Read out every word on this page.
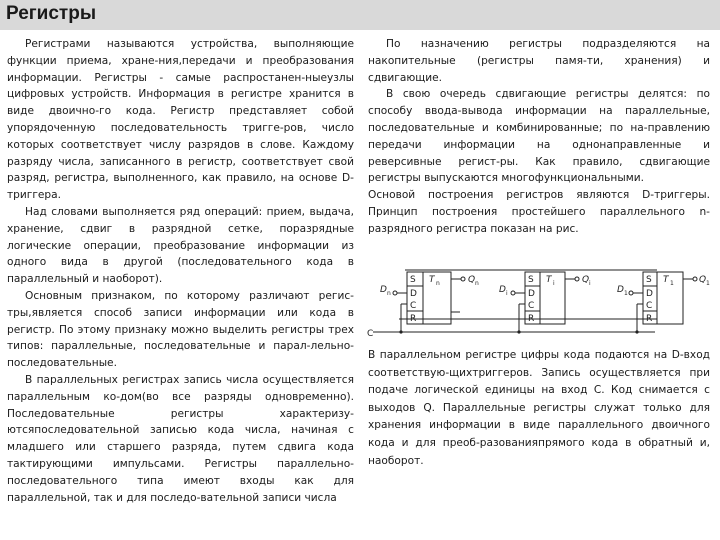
Регистры

Регистрами называются устройства, выполняющие функции приема, хране-ния,передачи и преобразования информации. Регистры - самые распростанен-ныеузлы цифровых устройств. Информация в регистре хранится в виде двоично-го кода. Регистр представляет собой упорядоченную последовательность тригге-ров, число которых соответствует числу разрядов в слове. Каждому разряду числа, записанного в регистр, соответствует свой разряд, регистра, выполненного, как правило, на основе D-триггера.

Над словами выполняется ряд операций: прием, выдача, хранение, сдвиг в разрядной сетке, поразрядные логические операции, преобразование информации из одного вида в другой (последовательного кода в параллельный и наоборот).

Основным признаком, по которому различают регис-тры,является способ записи информации или кода в регистр. По этому признаку можно выделить регистры трех типов: параллельные, последовательные и парал-лельно-последовательные.

В параллельных регистрах запись числа осуществляется параллельным ко-дом(во все разряды одновременно). Последовательные регистры характеризу-ютсяпоследовательной записью кода числа, начиная с младшего или старшего разряда, путем сдвига кода тактирующими импульсами. Регистры параллельно-последовательного типа имеют входы как для параллельной, так и для последо-вательной записи числа

По назначению регистры подразделяются на накопительные (регистры памя-ти, хранения) и сдвигающие.

В свою очередь сдвигающие регистры делятся: по способу ввода-вывода информации на параллельные, последовательные и комбинированные; по на-правлению передачи информации на однонаправленные и реверсивные регист-ры. Как правило, сдвигающие регистры выпускаются многофункциональными.

Основой построения регистров являются D-триггеры. Принцип построения простейшего параллельного n-разрядного регистра показан на рис.

S
D
C
R
T n
D n
Q n	S
D
C
R
T i
D i
Q i	S
D
C
R
T 1
D 1
Q 1
C

В параллельном регистре цифры кода подаются на D-вход соответствую-щихтриггеров. Запись осуществляется при подаче логической единицы на вход C. Код снимается с выходов Q. Параллельные регистры служат только для хранения информации в виде параллельного двоичного кода и для преоб-разованияпрямого кода в обратный и, наоборот.
